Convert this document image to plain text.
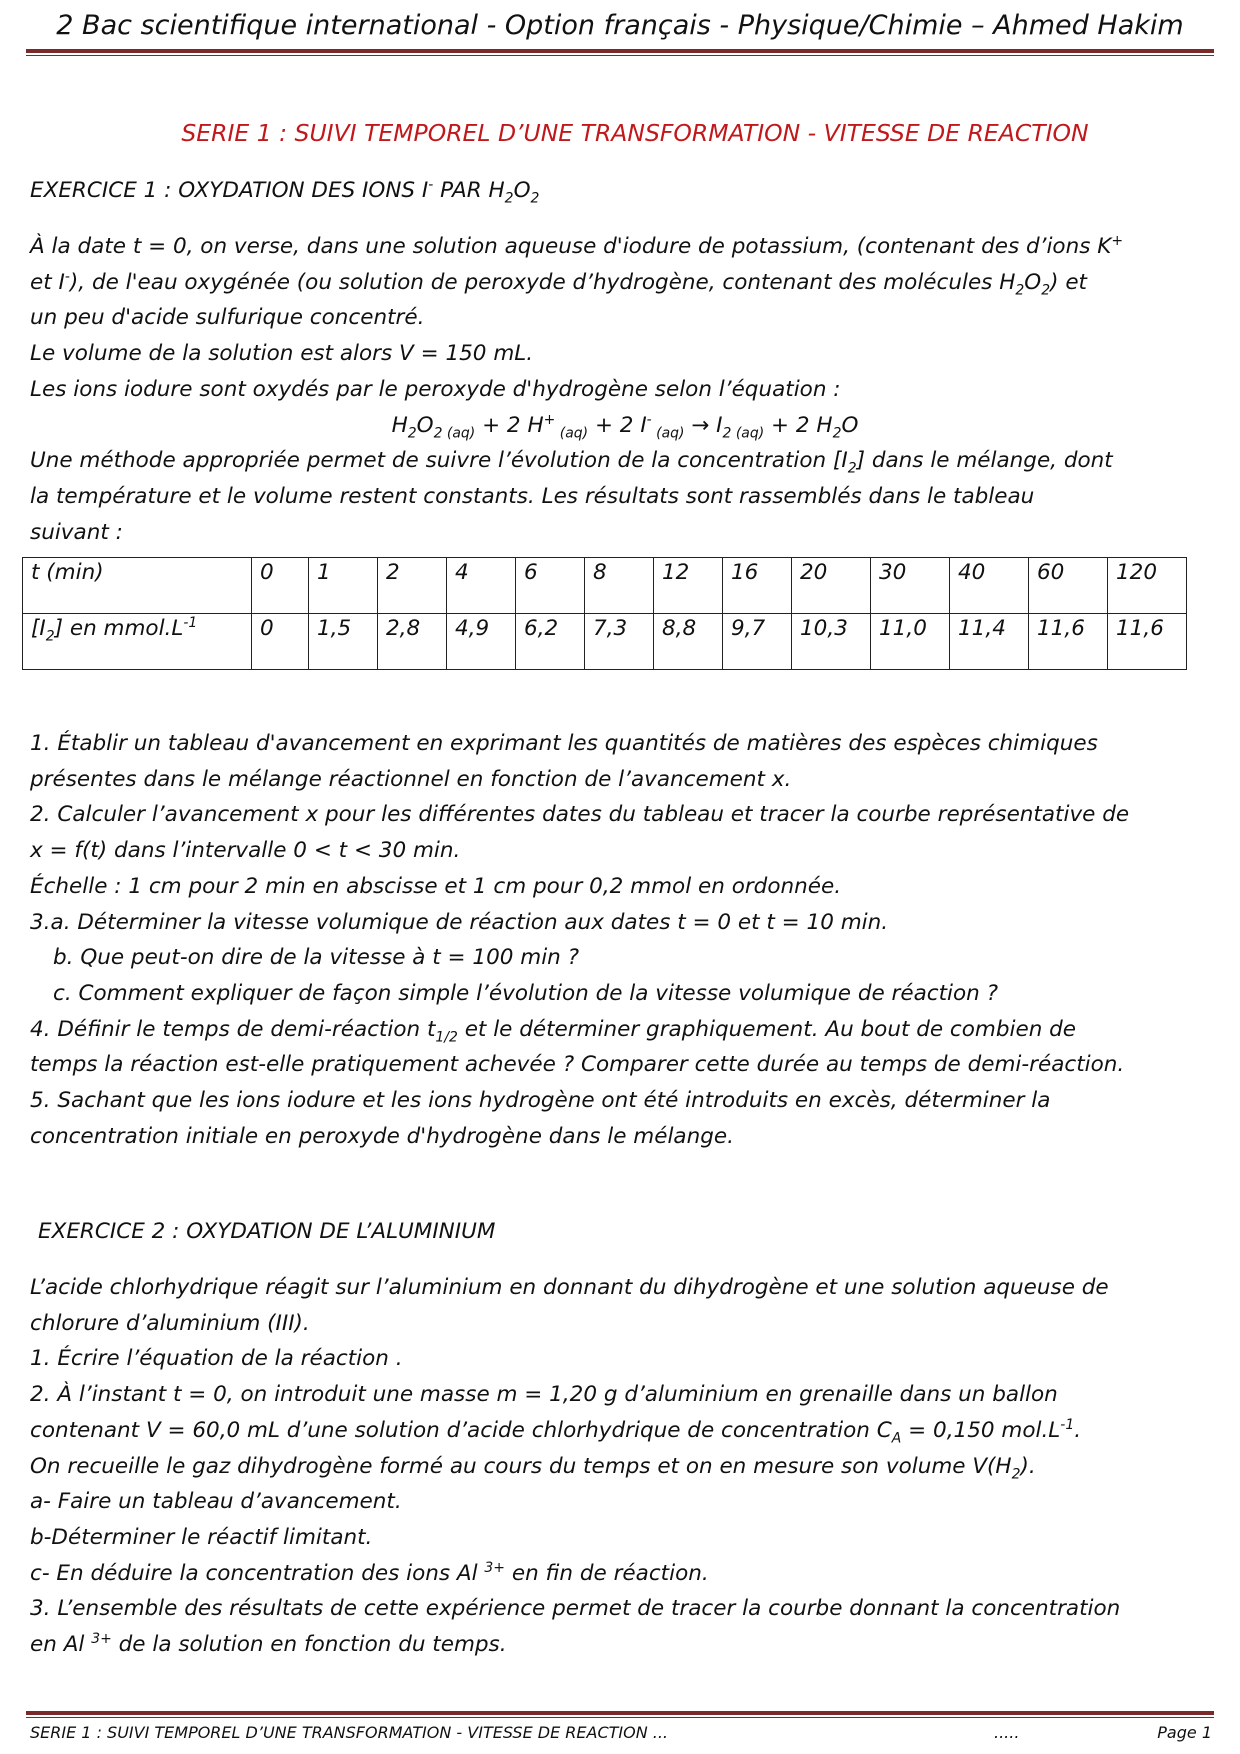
2 Bac scientifique international - Option français - Physique/Chimie – Ahmed Hakim
SERIE 1 : SUIVI TEMPOREL D’UNE TRANSFORMATION - VITESSE DE REACTION
EXERCICE 1 : OXYDATION DES IONS I- PAR $H_2O_2$
À la date t = 0, on verse, dans une solution aqueuse d'iodure de potassium, (contenant des d’ions K+
et I-), de l'eau oxygénée (ou solution de peroxyde d’hydrogène, contenant des molécules $H_2O_2$) et
un peu d'acide sulfurique concentré.
Le volume de la solution est alors V = 150 mL.
Les ions iodure sont oxydés par le peroxyde d'hydrogène selon l’équation :
$H_2O_{2 (aq)} + 2$ H+ $_{(aq)}$ + 2 I- $_{(aq)} \to I_{2 (aq)} + 2$ $H_2O$
Une méthode appropriée permet de suivre l’évolution de la concentration $[I_2]$ dans le mélange, dont
la température et le volume restent constants. Les résultats sont rassemblés dans le tableau
suivant :
t (min)	0	1	2	4	6	8	12	16	20	30	40	60	120
$[I_2]$ en $mmol.L^{-1}$	0	1,5	2,8	4,9	6,2	7,3	8,8	9,7	10,3	11,0	11,4	11,6	11,6
1. Établir un tableau d'avancement en exprimant les quantités de matières des espèces chimiques
présentes dans le mélange réactionnel en fonction de l’avancement x.
2. Calculer l’avancement x pour les différentes dates du tableau et tracer la courbe représentative de
x = f(t) dans l’intervalle 0 < t < 30 min.
Échelle : 1 cm pour 2 min en abscisse et 1 cm pour 0,2 mmol en ordonnée.
3.a. Déterminer la vitesse volumique de réaction aux dates t = 0 et t = 10 min.
b. Que peut-on dire de la vitesse à t = 100 min ?
c. Comment expliquer de façon simple l’évolution de la vitesse volumique de réaction ?
4. Définir le temps de demi-réaction $t_{1/2}$ et le déterminer graphiquement. Au bout de combien de
temps la réaction est-elle pratiquement achevée ? Comparer cette durée au temps de demi-réaction.
5. Sachant que les ions iodure et les ions hydrogène ont été introduits en excès, déterminer la
concentration initiale en peroxyde d'hydrogène dans le mélange.
EXERCICE 2 : OXYDATION DE L’ALUMINIUM
L’acide chlorhydrique réagit sur l’aluminium en donnant du dihydrogène et une solution aqueuse de
chlorure d’aluminium (III).
1. Écrire l’équation de la réaction .
2. À l’instant t = 0, on introduit une masse m = 1,20 g d’aluminium en grenaille dans un ballon
contenant V = 60,0 mL d’une solution d’acide chlorhydrique de concentration $C_A = 0,150$ $mol.L^{-1}$.
On recueille le gaz dihydrogène formé au cours du temps et on en mesure son volume $V(H_2)$.
a- Faire un tableau d’avancement.
b-Déterminer le réactif limitant.
c- En déduire la concentration des ions Al $^{3+}$ en fin de réaction.
3. L’ensemble des résultats de cette expérience permet de tracer la courbe donnant la concentration
en Al $^{3+}$ de la solution en fonction du temps.
SERIE 1 : SUIVI TEMPOREL D’UNE TRANSFORMATION - VITESSE DE REACTION ...	.....	Page 1
